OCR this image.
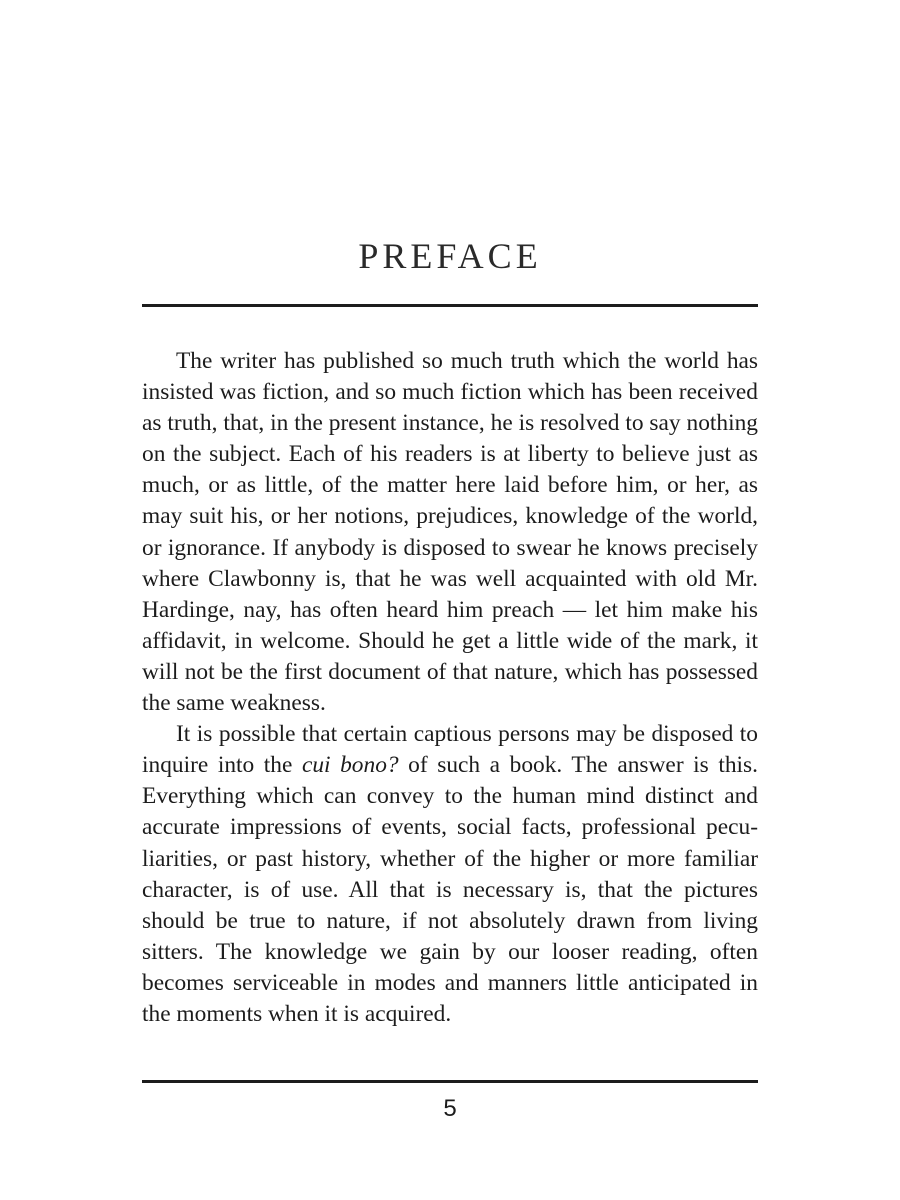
PREFACE

The writer has published so much truth which the world has insisted was fiction, and so much fiction which has been received as truth, that, in the present instance, he is resolved to say nothing on the subject. Each of his readers is at liberty to believe just as much, or as little, of the matter here laid before him, or her, as may suit his, or her notions, prejudices, knowledge of the world, or ignorance. If anybody is disposed to swear he knows precisely where Clawbonny is, that he was well acquainted with old Mr. Hardinge, nay, has often heard him preach — let him make his affidavit, in welcome. Should he get a little wide of the mark, it will not be the first document of that nature, which has possessed the same weakness.

It is possible that certain captious persons may be disposed to inquire into the cui bono? of such a book. The answer is this. Everything which can convey to the human mind distinct and accurate impressions of events, social facts, professional peculiarities, or past history, whether of the higher or more familiar character, is of use. All that is necessary is, that the pictures should be true to nature, if not absolutely drawn from living sitters. The knowledge we gain by our looser reading, often becomes serviceable in modes and manners little anticipated in the moments when it is acquired.

5
